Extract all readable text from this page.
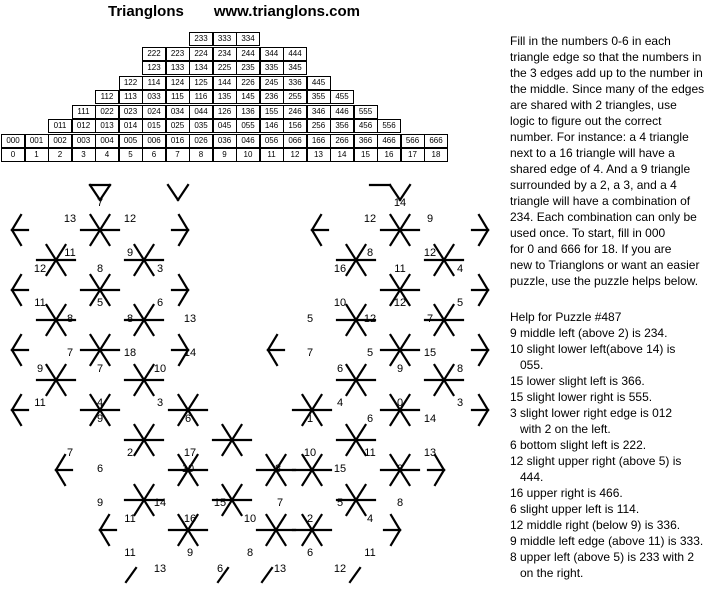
Trianglons www.trianglons.com
233	333	334
222	223	224	234	244	344	444
123	133	134	225	235	335	345
122	114	124	125	144	226	245	336	445
112	113	033	115	116	135	145	236	255	355	455
111	022	023	024	034	044	126	136	155	246	346	446	555
011	012	013	014	015	025	035	045	055	146	156	256	356	456	556
000	001	002	003	004	005	006	016	026	036	046	056	066	166	266	366	466	566	666
0	1	2	3	4	5	6	7	8	9	10	11	12	13	14	15	16	17	18

Fill in the numbers 0-6 in each

triangle edge so that the numbers in

the 3 edges add up to the number in

the middle. Since many of the edges

are shared with 2 triangles, use

logic to figure out the correct

number. For instance: a 4 triangle

next to a 16 triangle will have a

shared edge of 4. And a 9 triangle

surrounded by a 2, a 3, and a 4

triangle will have a combination of

234. Each combination can only be

used once. To start, fill in 000

for 0 and 666 for 18. If you are

new to Trianglons or want an easier

puzzle, use the puzzle helps below.

Help for Puzzle #487
9 middle left (above 2) is 234.
10 slight lower left(above 14) is
055.
15 lower slight left is 366.
15 slight lower right is 555.
3 slight lower right edge is 012
with 2 on the left.
6 bottom slight left is 222.
12 slight upper right (above 5) is
444.
16 upper right is 466.
6 slight upper left is 114.
12 middle right (below 9) is 336.
9 middle left edge (above 11) is 333.
8 upper left (above 5) is 233 with 2
on the right.
7
13	12
11	9
12	8	3
11	5	6
8	8	13
7	18	14
9	7	10
11	4	3
9	6
7	2	17
6	10	8
9	14	15
11	16	10
11	9	8
13	6	13
14
12	9
8	12
16	11	4
10	12	5
5	12	7
7	5	15
6	9	8
4	0	3
1	6	14
10	11	13
15	3
7	5	8
2	4
6	11
12
